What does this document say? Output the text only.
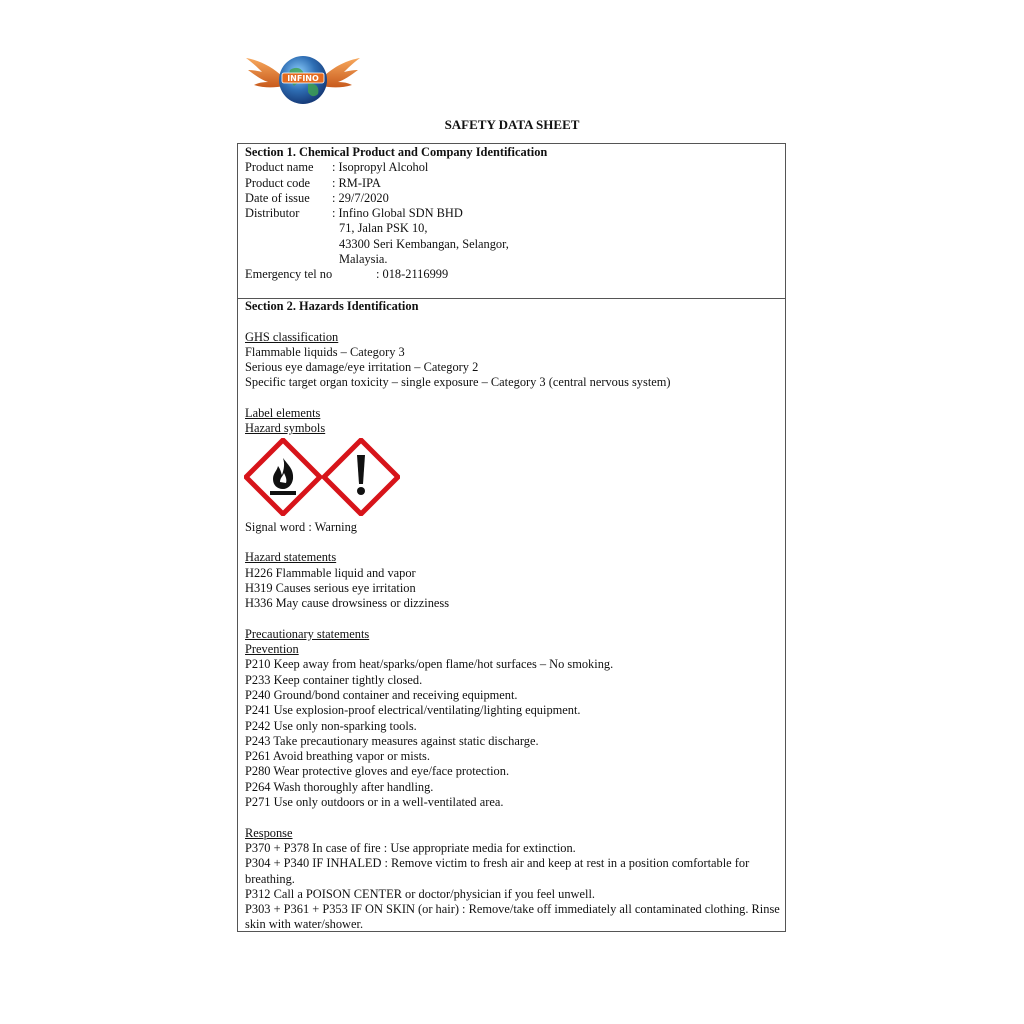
INFINO
SAFETY DATA SHEET
Section 1. Chemical Product and Company Identification
Product name : Isopropyl Alcohol
Product code : RM-IPA
Date of issue : 29/7/2020
Distributor	: Infino Global SDN BHD
71, Jalan PSK 10,
43300 Seri Kembangan, Selangor,
Malaysia.
Emergency tel no	: 018-2116999
Section 2. Hazards Identification
GHS classification
Flammable liquids – Category 3
Serious eye damage/eye irritation – Category 2
Specific target organ toxicity – single exposure – Category 3 (central nervous system)
Label elements
Hazard symbols
Signal word : Warning
Hazard statements
H226 Flammable liquid and vapor
H319 Causes serious eye irritation
H336 May cause drowsiness or dizziness
Precautionary statements
Prevention
P210 Keep away from heat/sparks/open flame/hot surfaces – No smoking.
P233 Keep container tightly closed.
P240 Ground/bond container and receiving equipment.
P241 Use explosion-proof electrical/ventilating/lighting equipment.
P242 Use only non-sparking tools.
P243 Take precautionary measures against static discharge.
P261 Avoid breathing vapor or mists.
P280 Wear protective gloves and eye/face protection.
P264 Wash thoroughly after handling.
P271 Use only outdoors or in a well-ventilated area.
Response
P370 + P378 In case of fire : Use appropriate media for extinction.
P304 + P340 IF INHALED : Remove victim to fresh air and keep at rest in a position comfortable for breathing.
P312 Call a POISON CENTER or doctor/physician if you feel unwell.
P303 + P361 + P353 IF ON SKIN (or hair) : Remove/take off immediately all contaminated clothing. Rinse skin with water/shower.
